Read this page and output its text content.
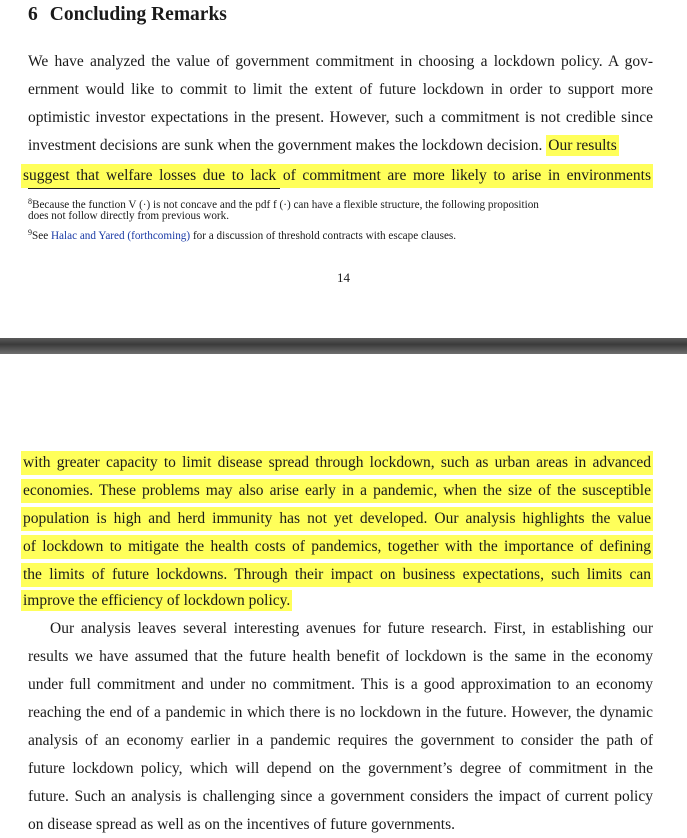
6 Concluding Remarks
We have analyzed the value of government commitment in choosing a lockdown policy. A gov-
ernment would like to commit to limit the extent of future lockdown in order to support more
optimistic investor expectations in the present. However, such a commitment is not credible since
investment decisions are sunk when the government makes the lockdown decision. Our results
suggest that welfare losses due to lack of commitment are more likely to arise in environments
$^8$Because the function V (·) is not concave and the pdf f (·) can have a flexible structure, the following proposition
does not follow directly from previous work.
$^9$See Halac and Yared (forthcoming) for a discussion of threshold contracts with escape clauses.
14
with greater capacity to limit disease spread through lockdown, such as urban areas in advanced
economies. These problems may also arise early in a pandemic, when the size of the susceptible
population is high and herd immunity has not yet developed. Our analysis highlights the value
of lockdown to mitigate the health costs of pandemics, together with the importance of defining
the limits of future lockdowns. Through their impact on business expectations, such limits can
improve the efficiency of lockdown policy.
Our analysis leaves several interesting avenues for future research. First, in establishing our
results we have assumed that the future health benefit of lockdown is the same in the economy
under full commitment and under no commitment. This is a good approximation to an economy
reaching the end of a pandemic in which there is no lockdown in the future. However, the dynamic
analysis of an economy earlier in a pandemic requires the government to consider the path of
future lockdown policy, which will depend on the government’s degree of commitment in the
future. Such an analysis is challenging since a government considers the impact of current policy
on disease spread as well as on the incentives of future governments.
